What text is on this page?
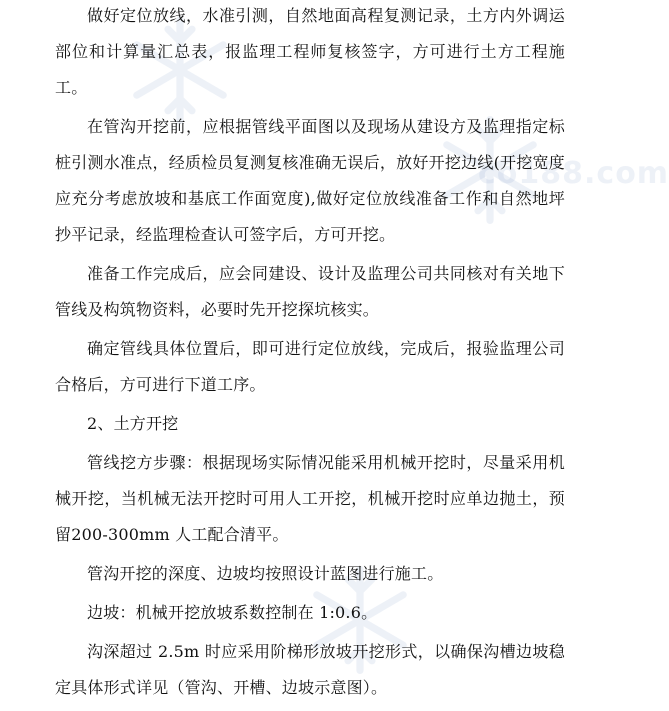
co188.com

做好定位放线，水准引测，自然地面高程复测记录，土方内外调运部位和计算量汇总表，报监理工程师复核签字，方可进行土方工程施工。

在管沟开挖前，应根据管线平面图以及现场从建设方及监理指定标桩引测水准点，经质检员复测复核准确无误后，放好开挖边线(开挖宽度应充分考虑放坡和基底工作面宽度),做好定位放线准备工作和自然地坪抄平记录，经监理检查认可签字后，方可开挖。

准备工作完成后，应会同建设、设计及监理公司共同核对有关地下管线及构筑物资料，必要时先开挖探坑核实。

确定管线具体位置后，即可进行定位放线，完成后，报验监理公司合格后，方可进行下道工序。

2、土方开挖

管线挖方步骤：根据现场实际情况能采用机械开挖时，尽量采用机械开挖，当机械无法开挖时可用人工开挖，机械开挖时应单边抛土，预留200-300mm 人工配合清平。

管沟开挖的深度、边坡均按照设计蓝图进行施工。

边坡：机械开挖放坡系数控制在 1:0.6。

沟深超过 2.5m 时应采用阶梯形放坡开挖形式，以确保沟槽边坡稳定具体形式详见（管沟、开槽、边坡示意图）。
